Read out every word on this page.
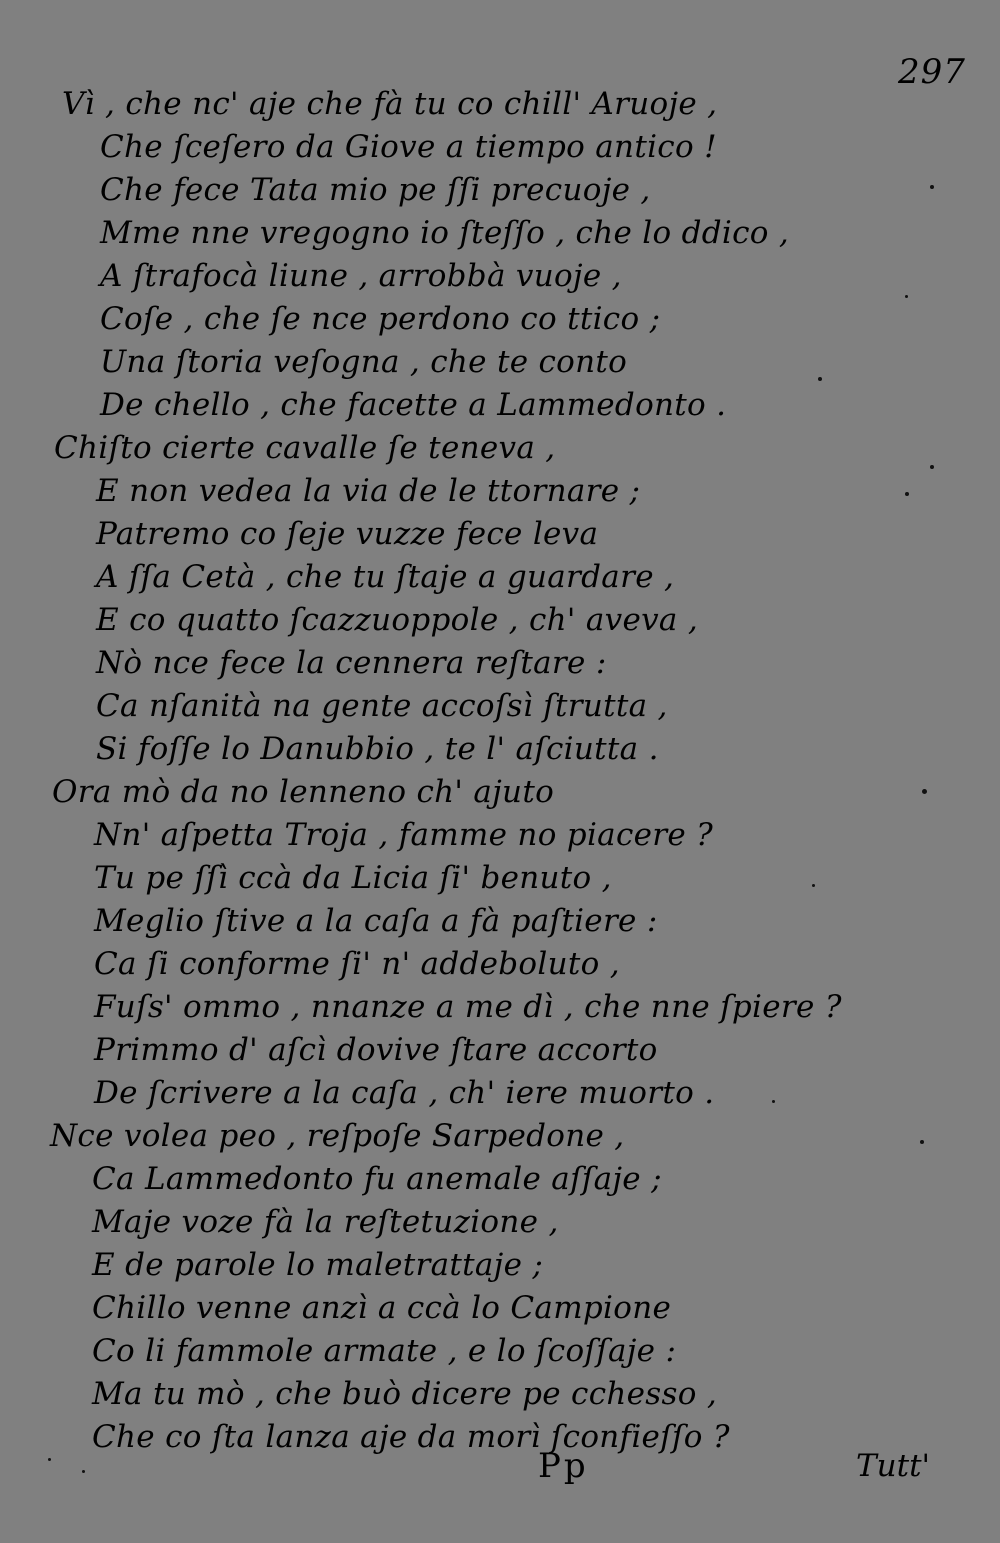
297
Vì , che nc' aje che fà tu co chill' Aruoje ,
Che ſceſero da Giove a tiempo antico !
Che fece Tata mio pe ſſi precuoje ,
Mme nne vregogno io ſteſſo , che lo ddico ,
A ſtrafocà liune , arrobbà vuoje ,
Coſe , che ſe nce perdono co ttico ;
Una ſtoria veſogna , che te conto
De chello , che facette a Lammedonto .
Chiſto cierte cavalle ſe teneva ,
E non vedea la via de le ttornare ;
Patremo co ſeje vuzze fece leva
A ſſa Cetà , che tu ſtaje a guardare ,
E co quatto ſcazzuoppole , ch' aveva ,
Nò nce fece la cennera reſtare :
Ca nſanità na gente accoſsì ſtrutta ,
Si foſſe lo Danubbio , te l' aſciutta .
Ora mò da no lenneno ch' ajuto
Nn' aſpetta Troja , famme no piacere ?
Tu pe ſſì ccà da Licia ſi' benuto ,
Meglio ſtive a la caſa a fà paſtiere :
Ca ſi conforme ſi' n' addeboluto ,
Fuſs' ommo , nnanze a me dì , che nne ſpiere ?
Primmo d' aſcì dovive ſtare accorto
De ſcrivere a la caſa , ch' iere muorto .
Nce volea peo , reſpoſe Sarpedone ,
Ca Lammedonto fu anemale aſſaje ;
Maje voze fà la reſtetuzione ,
E de parole lo maletrattaje ;
Chillo venne anzì a ccà lo Campione
Co li fammole armate , e lo ſcoſſaje :
Ma tu mò , che buò dicere pe cchesso ,
Che co ſta lanza aje da morì ſconfieſſo ?
Pp	Tutt'
